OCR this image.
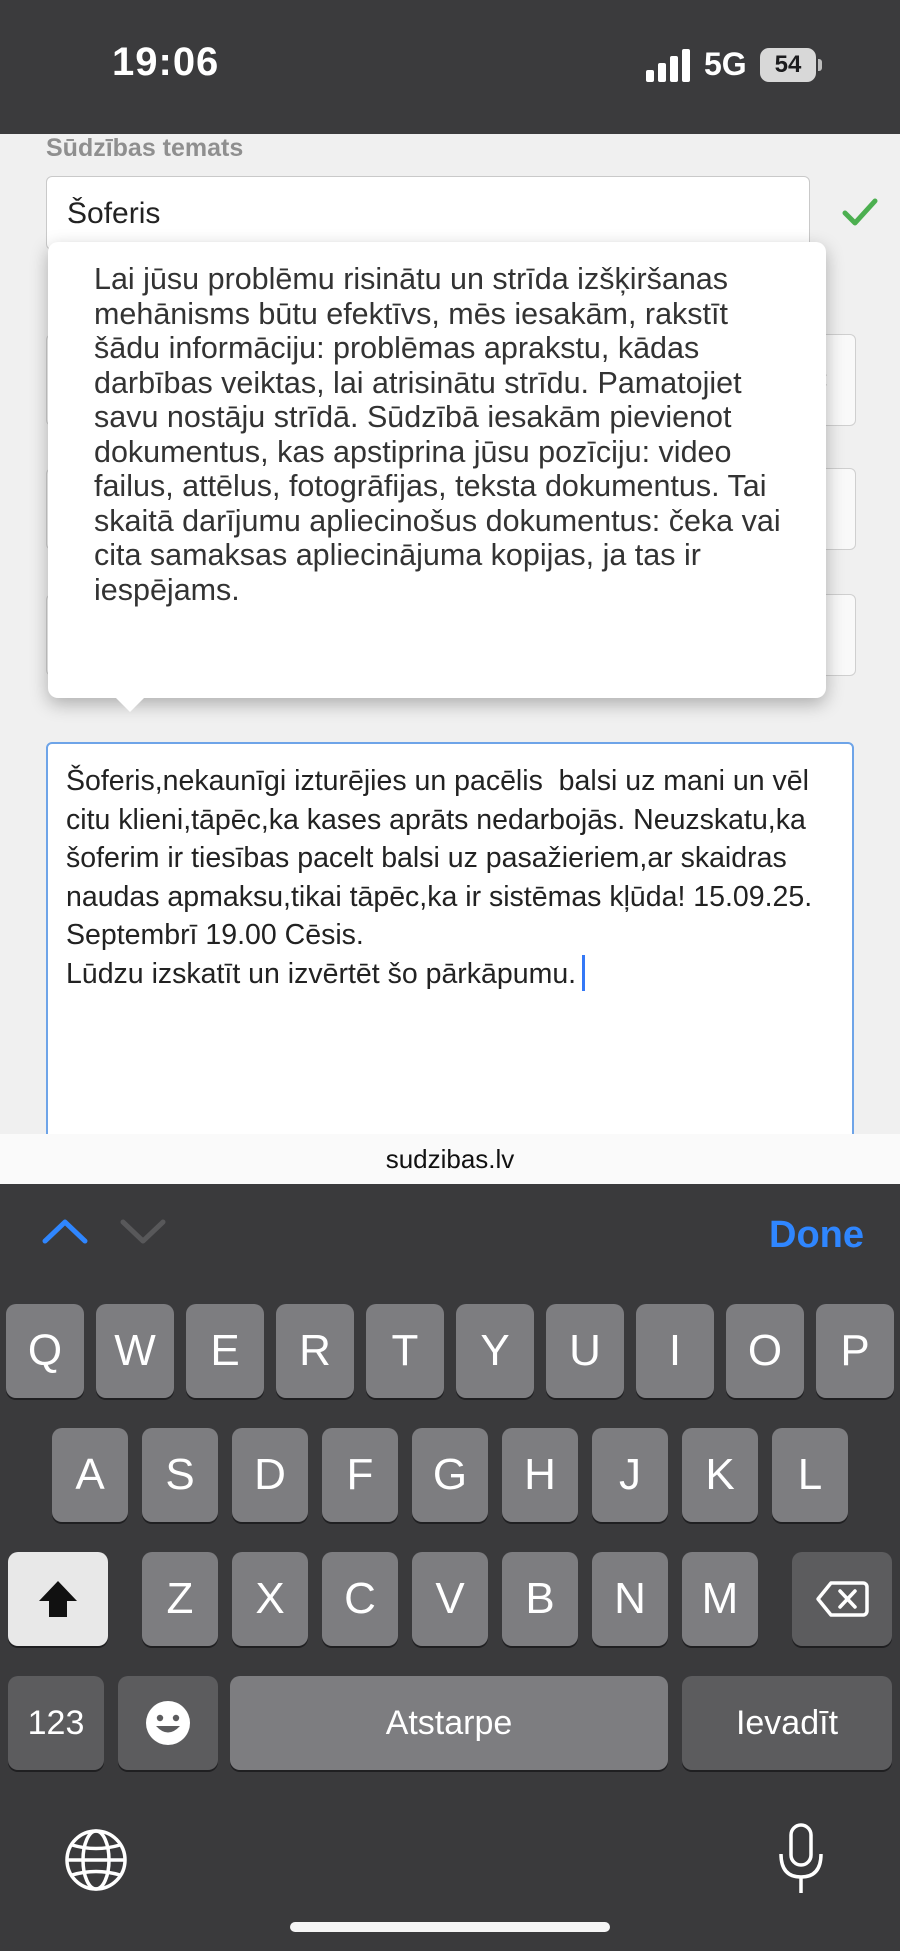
19:06	5G	54
Sūdzības temats
Šoferis
Lai jūsu problēmu risinātu un strīda izšķiršanas mehānisms būtu efektīvs, mēs iesakām, rakstīt šādu informāciju: problēmas aprakstu, kādas darbības veiktas, lai atrisinātu strīdu. Pamatojiet savu nostāju strīdā. Sūdzībā iesakām pievienot dokumentus, kas apstiprina jūsu pozīciju: video failus, attēlus, fotogrāfijas, teksta dokumentus. Tai skaitā darījumu apliecinošus dokumentus: čeka vai cita samaksas apliecinājuma kopijas, ja tas ir iespējams.
Šoferis,nekaunīgi izturējies un pacēlis  balsi uz mani un vēl citu klieni,tāpēc,ka kases aprāts nedarbojās. Neuzskatu,ka šoferim ir tiesības pacelt balsi uz pasažieriem,ar skaidras naudas apmaksu,tikai tāpēc,ka ir sistēmas kļūda! 15.09.25. Septembrī 19.00 Cēsis.
Lūdzu izskatīt un izvērtēt šo pārkāpumu.
sudzibas.lv
Done
Q	W	E	R	T	Y	U	I	O	P
A	S	D	F	G	H	J	K	L
Z	X	C	V	B	N	M
123	Atstarpe	Ievadīt
